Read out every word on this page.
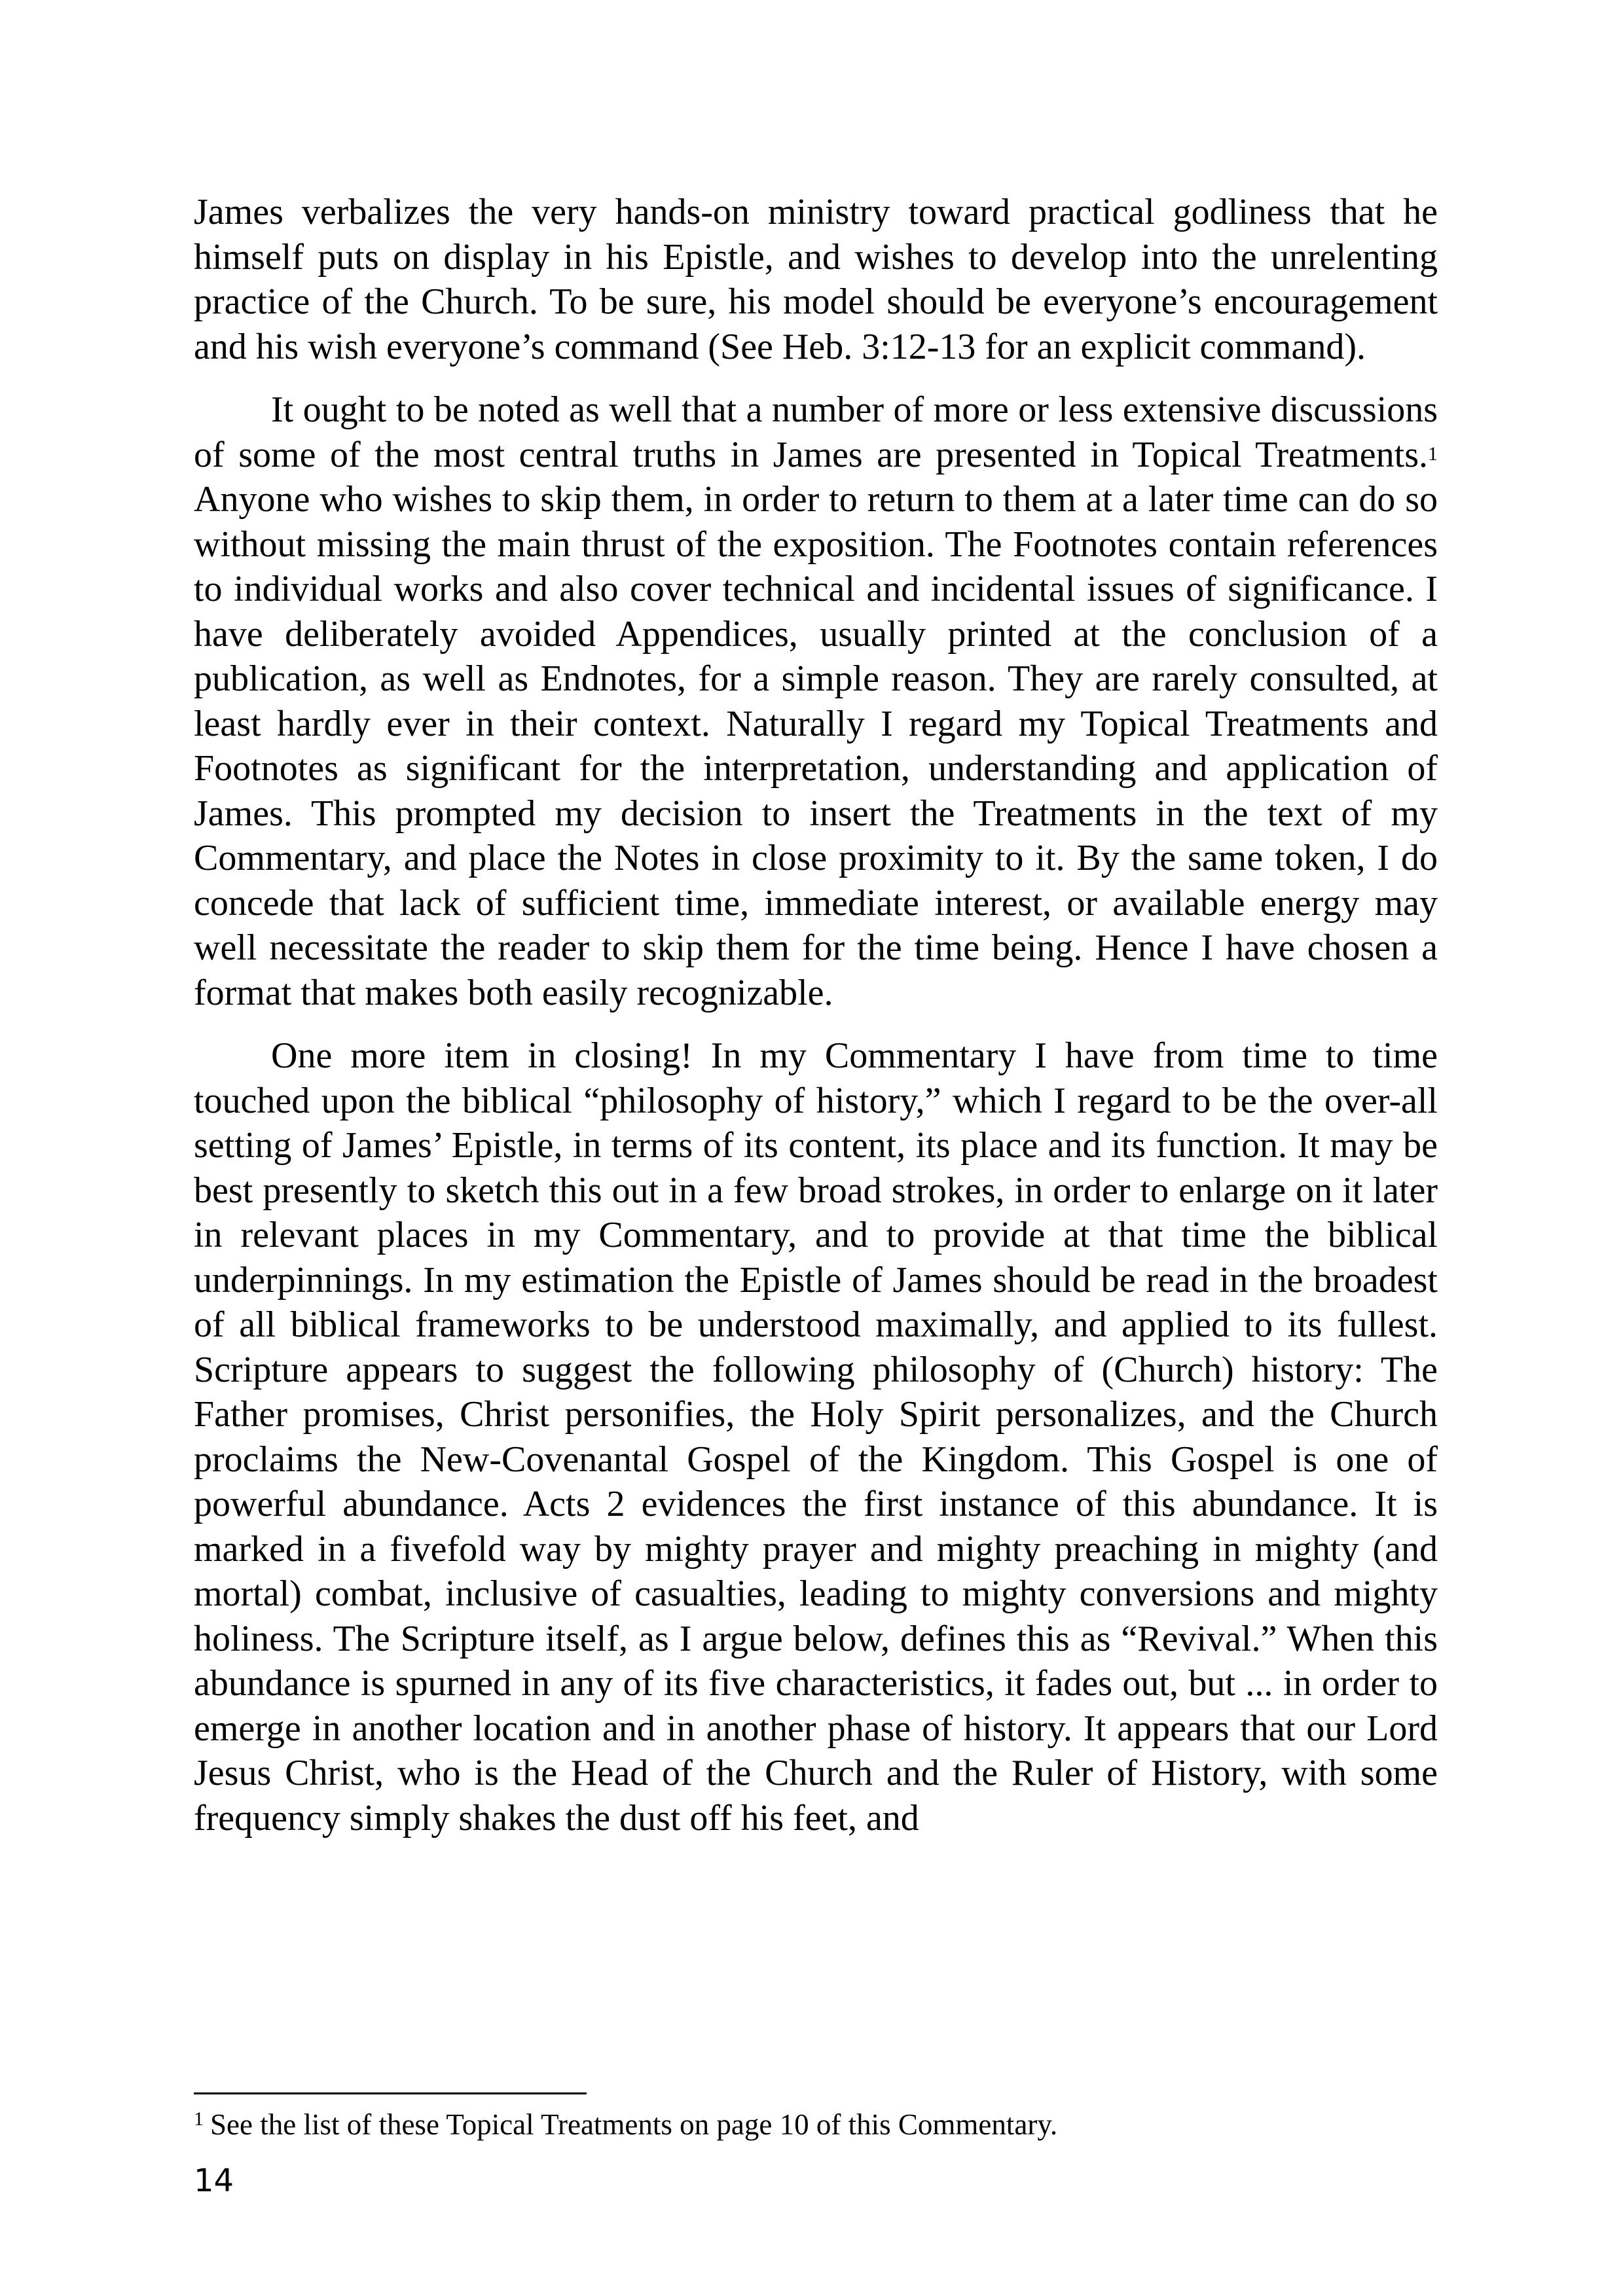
James verbalizes the very hands-on ministry toward practical godliness that he himself puts on display in his Epistle, and wishes to develop into the unrelenting practice of the Church. To be sure, his model should be everyone’s encouragement and his wish everyone’s command (See Heb. 3:12-13 for an explicit command).

It ought to be noted as well that a number of more or less extensive discussions of some of the most central truths in James are presented in Topical Treatments.$^1$ Anyone who wishes to skip them, in order to return to them at a later time can do so without missing the main thrust of the exposition. The Footnotes contain references to individual works and also cover technical and incidental issues of significance. I have deliberately avoided Appendices, usually printed at the conclusion of a publication, as well as Endnotes, for a simple reason. They are rarely consulted, at least hardly ever in their context. Naturally I regard my Topical Treatments and Footnotes as significant for the interpretation, understanding and application of James. This prompted my decision to insert the Treatments in the text of my Commentary, and place the Notes in close proximity to it. By the same token, I do concede that lack of sufficient time, immediate interest, or available energy may well necessitate the reader to skip them for the time being. Hence I have chosen a format that makes both easily recognizable.

One more item in closing! In my Commentary I have from time to time touched upon the biblical “philosophy of history,” which I regard to be the over-all setting of James’ Epistle, in terms of its content, its place and its function. It may be best presently to sketch this out in a few broad strokes, in order to enlarge on it later in relevant places in my Commentary, and to provide at that time the biblical underpinnings. In my estimation the Epistle of James should be read in the broadest of all biblical frameworks to be understood maximally, and applied to its fullest. Scripture appears to suggest the following philosophy of (Church) history: The Father promises, Christ personifies, the Holy Spirit personalizes, and the Church proclaims the New-Covenantal Gospel of the Kingdom. This Gospel is one of powerful abundance. Acts 2 evidences the first instance of this abundance. It is marked in a fivefold way by mighty prayer and mighty preaching in mighty (and mortal) combat, inclusive of casualties, leading to mighty conversions and mighty holiness. The Scripture itself, as I argue below, defines this as “Revival.” When this abundance is spurned in any of its five characteristics, it fades out, but ... in order to emerge in another location and in another phase of history. It appears that our Lord Jesus Christ, who is the Head of the Church and the Ruler of History, with some frequency simply shakes the dust off his feet, and

$^1$ See the list of these Topical Treatments on page 10 of this Commentary.
14
